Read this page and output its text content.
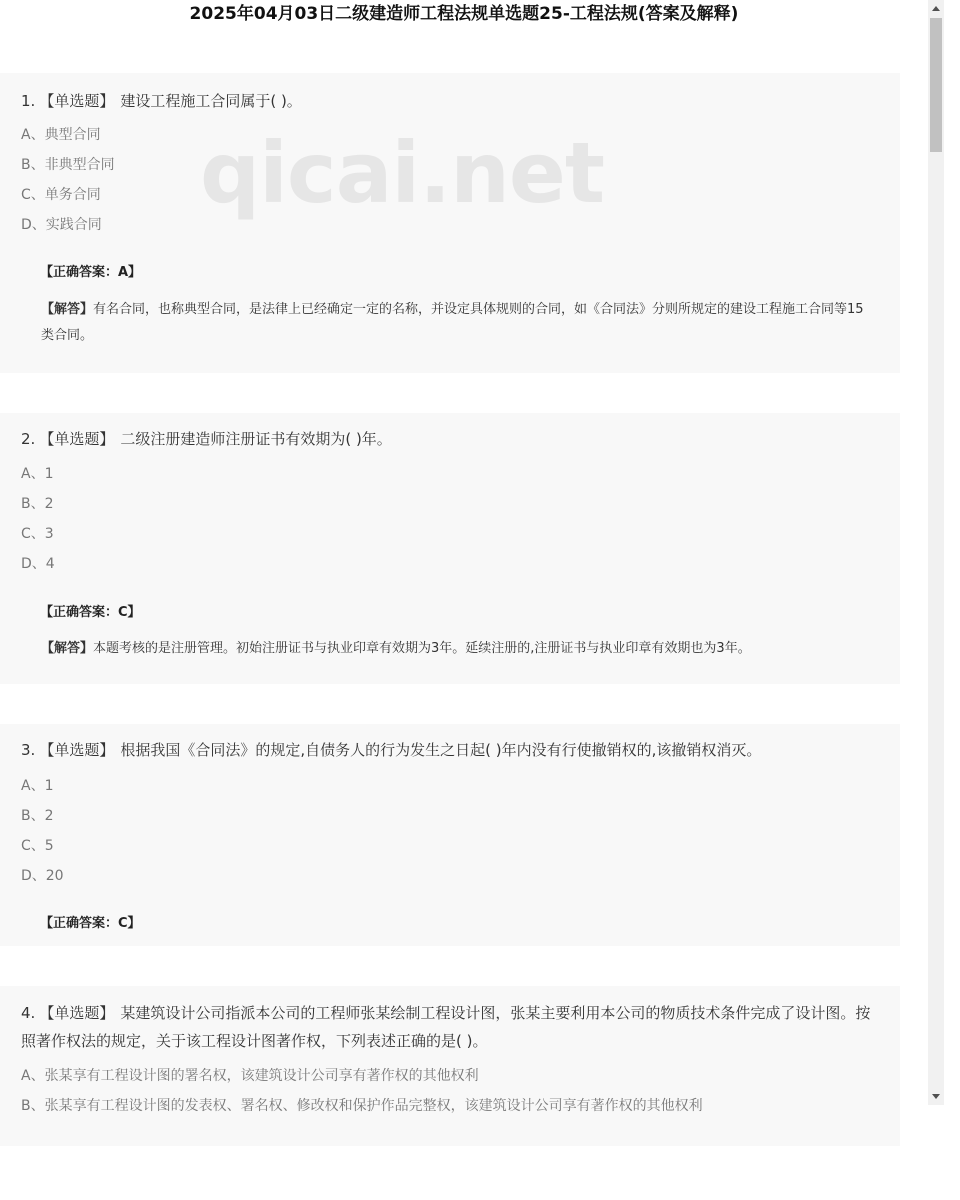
2025年04月03日二级建造师工程法规单选题25-工程法规(答案及解释)
1. 【单选题】 建设工程施工合同属于( )。
A、典型合同
B、非典型合同
C、单务合同
D、实践合同
【正确答案：A】
【解答】有名合同，也称典型合同，是法律上已经确定一定的名称，并设定具体规则的合同，如《合同法》分则所规定的建设工程施工合同等15类合同。
2. 【单选题】 二级注册建造师注册证书有效期为( )年。
A、1
B、2
C、3
D、4
【正确答案：C】
【解答】本题考核的是注册管理。初始注册证书与执业印章有效期为3年。延续注册的,注册证书与执业印章有效期也为3年。
3. 【单选题】 根据我国《合同法》的规定,自债务人的行为发生之日起( )年内没有行使撤销权的,该撤销权消灭。
A、1
B、2
C、5
D、20
【正确答案：C】
4. 【单选题】 某建筑设计公司指派本公司的工程师张某绘制工程设计图，张某主要利用本公司的物质技术条件完成了设计图。按照著作权法的规定，关于该工程设计图著作权，下列表述正确的是( )。
A、张某享有工程设计图的署名权，该建筑设计公司享有著作权的其他权利
B、张某享有工程设计图的发表权、署名权、修改权和保护作品完整权，该建筑设计公司享有著作权的其他权利
qicai.net
